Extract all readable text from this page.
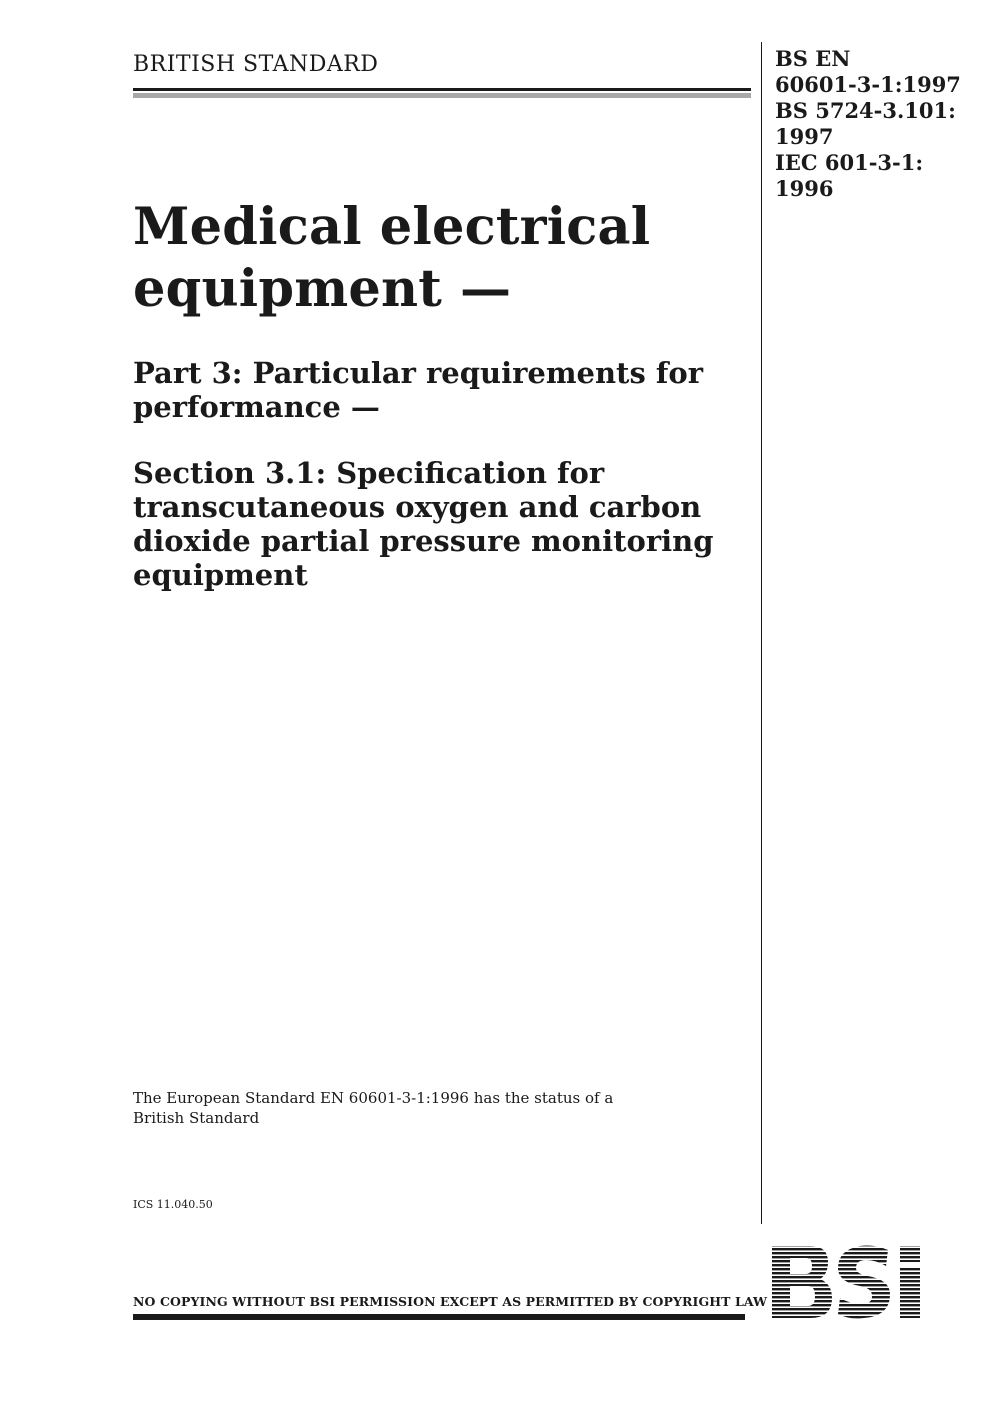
BRITISH STANDARD	BS EN
60601-3-1:1997
BS 5724-3.101:
1997
IEC 601-3-1:
1996
Medical electrical
equipment —
Part 3: Particular requirements for
performance —
Section 3.1: Specification for
transcutaneous oxygen and carbon
dioxide partial pressure monitoring
equipment
The European Standard EN 60601-3-1:1996 has the status of a
British Standard
ICS 11.040.50
NO COPYING WITHOUT BSI PERMISSION EXCEPT AS PERMITTED BY COPYRIGHT LAW
